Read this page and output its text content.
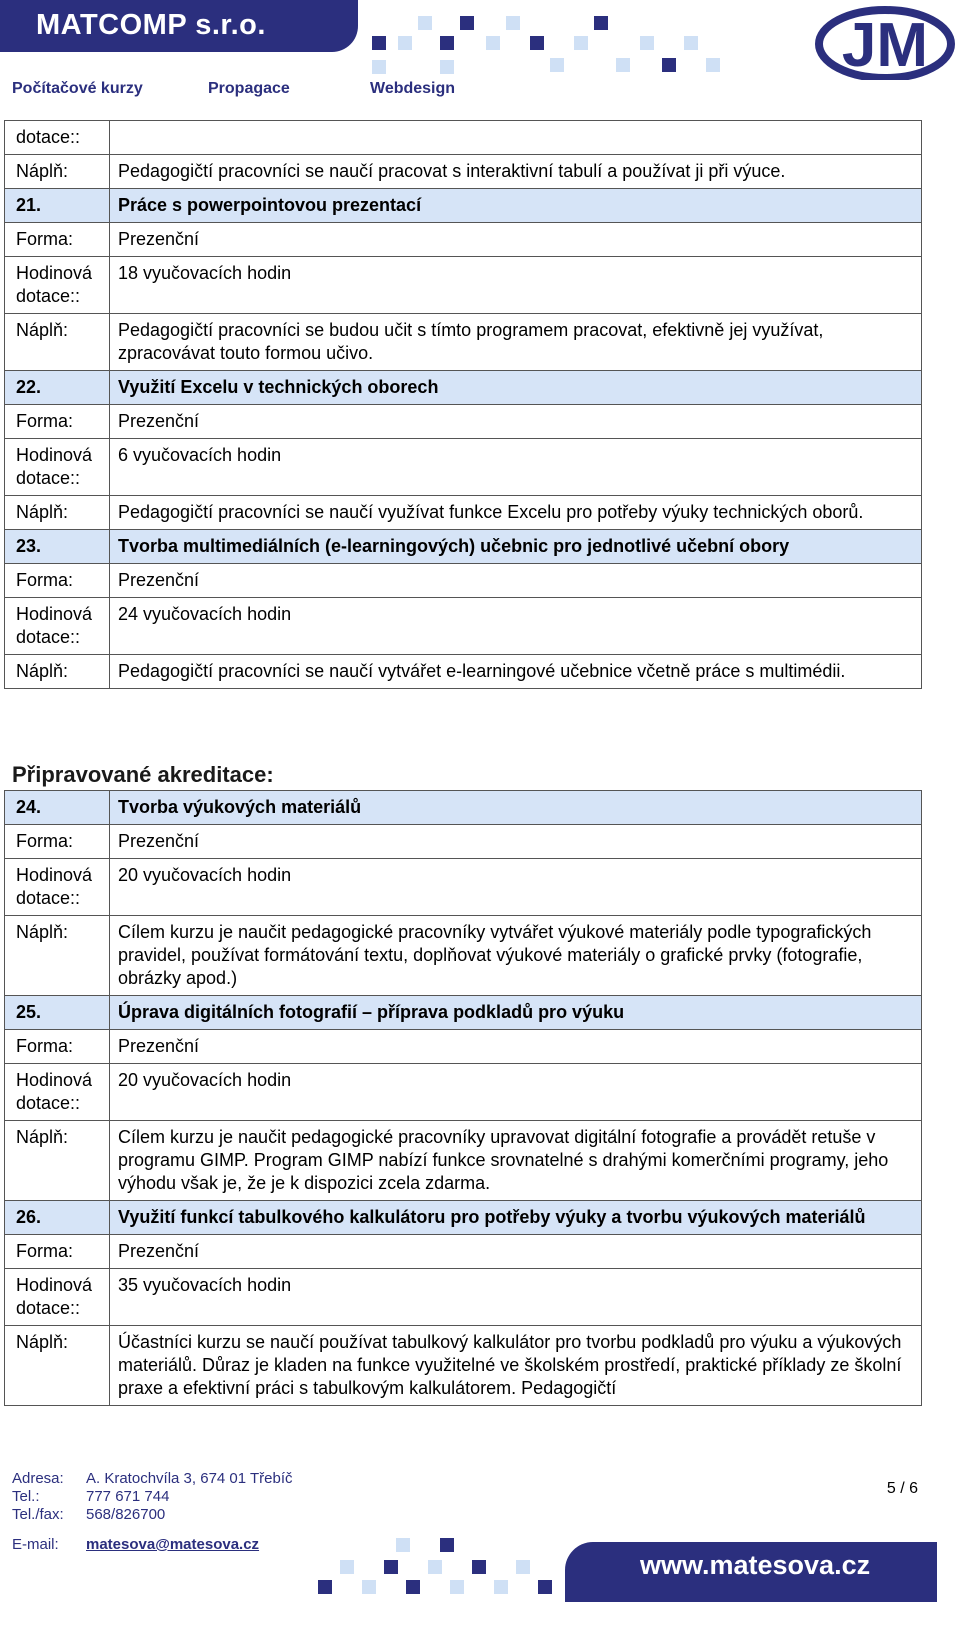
MATCOMP s.r.o.
Počítačové kurzy	Propagace	Webdesign
JM
dotace::	
Náplň:	Pedagogičtí pracovníci se naučí pracovat s interaktivní tabulí a používat ji při výuce.
21.	Práce s powerpointovou prezentací
Forma:	Prezenční
Hodinová dotace::	18 vyučovacích hodin
Náplň:	Pedagogičtí pracovníci se budou učit s tímto programem pracovat, efektivně jej využívat, zpracovávat touto formou učivo.
22.	Využití Excelu v technických oborech
Forma:	Prezenční
Hodinová dotace::	6 vyučovacích hodin
Náplň:	Pedagogičtí pracovníci se naučí využívat funkce Excelu pro potřeby výuky technických oborů.
23.	Tvorba multimediálních (e-learningových) učebnic pro jednotlivé učební obory
Forma:	Prezenční
Hodinová dotace::	24 vyučovacích hodin
Náplň:	Pedagogičtí pracovníci se naučí vytvářet e-learningové učebnice včetně práce s multimédii.
Připravované akreditace:
24.	Tvorba výukových materiálů
Forma:	Prezenční
Hodinová dotace::	20 vyučovacích hodin
Náplň:	Cílem kurzu je naučit pedagogické pracovníky vytvářet výukové materiály podle typografických pravidel, používat formátování textu, doplňovat výukové materiály o grafické prvky (fotografie, obrázky apod.)
25.	Úprava digitálních fotografií – příprava podkladů pro výuku
Forma:	Prezenční
Hodinová dotace::	20 vyučovacích hodin
Náplň:	Cílem kurzu je naučit pedagogické pracovníky upravovat digitální fotografie a provádět retuše v programu GIMP. Program GIMP nabízí funkce srovnatelné s drahými komerčními programy, jeho výhodu však je, že je k dispozici zcela zdarma.
26.	Využití funkcí tabulkového kalkulátoru pro potřeby výuky a tvorbu výukových materiálů
Forma:	Prezenční
Hodinová dotace::	35 vyučovacích hodin
Náplň:	Účastníci kurzu se naučí používat tabulkový kalkulátor pro tvorbu podkladů pro výuku a výukových materiálů. Důraz je kladen na funkce využitelné ve školském prostředí, praktické příklady ze školní praxe a efektivní práci s tabulkovým kalkulátorem. Pedagogičtí
Adresa: A. Kratochvíla 3, 674 01 Třebíč
Tel.:	777 671 744
Tel./fax: 568/826700
E-mail: matesova@matesova.cz
5 / 6
www.matesova.cz
